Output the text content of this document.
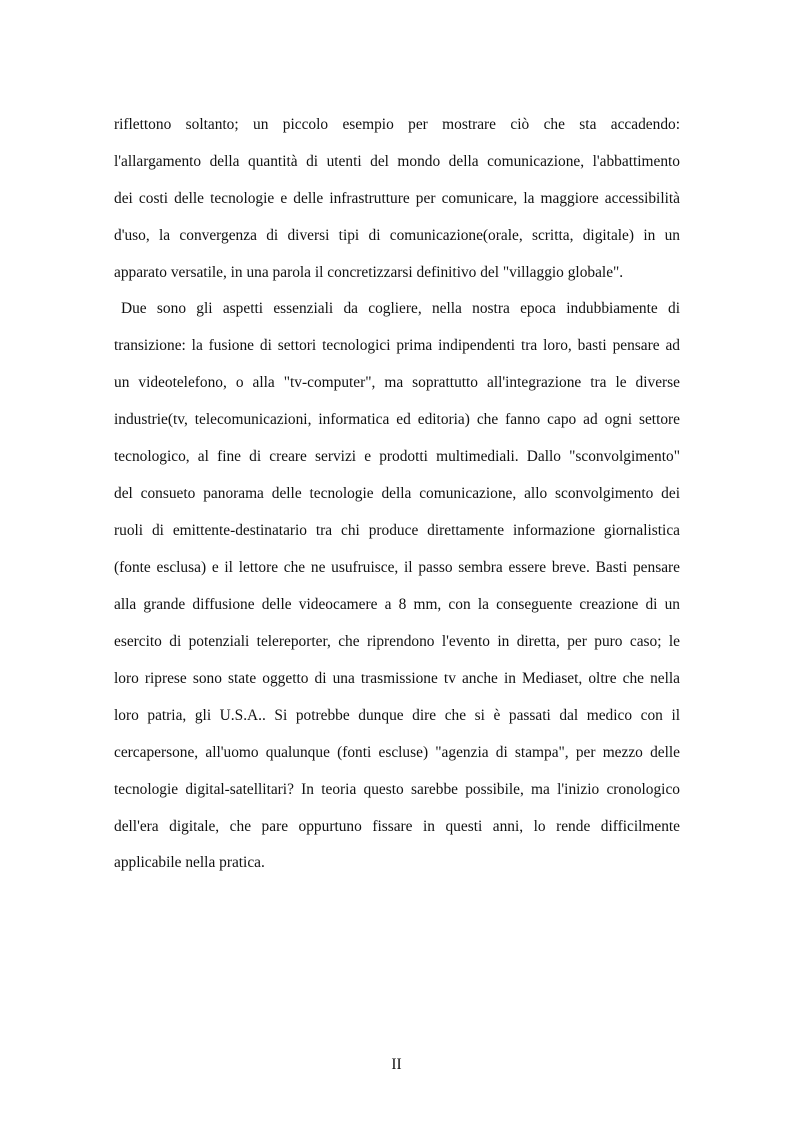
riflettono soltanto; un piccolo esempio per mostrare ciò che sta accadendo:
l'allargamento della quantità di utenti del mondo della comunicazione, l'abbattimento
dei costi delle tecnologie e delle infrastrutture per comunicare, la maggiore accessibilità
d'uso, la convergenza di diversi tipi di comunicazione(orale, scritta, digitale) in un
apparato versatile, in una parola il concretizzarsi definitivo del "villaggio globale".
Due sono gli aspetti essenziali da cogliere, nella nostra epoca indubbiamente di
transizione: la fusione di settori tecnologici prima indipendenti tra loro, basti pensare ad
un videotelefono, o alla "tv-computer", ma soprattutto all'integrazione tra le diverse
industrie(tv, telecomunicazioni, informatica ed editoria) che fanno capo ad ogni settore
tecnologico, al fine di creare servizi e prodotti multimediali. Dallo "sconvolgimento"
del consueto panorama delle tecnologie della comunicazione, allo sconvolgimento dei
ruoli di emittente-destinatario tra chi produce direttamente informazione giornalistica
(fonte esclusa) e il lettore che ne usufruisce, il passo sembra essere breve. Basti pensare
alla grande diffusione delle videocamere a 8 mm, con la conseguente creazione di un
esercito di potenziali telereporter, che riprendono l'evento in diretta, per puro caso; le
loro riprese sono state oggetto di una trasmissione tv anche in Mediaset, oltre che nella
loro patria, gli U.S.A.. Si potrebbe dunque dire che si è passati dal medico con il
cercapersone, all'uomo qualunque (fonti escluse) "agenzia di stampa", per mezzo delle
tecnologie digital-satellitari? In teoria questo sarebbe possibile, ma l'inizio cronologico
dell'era digitale, che pare oppurtuno fissare in questi anni, lo rende difficilmente
applicabile nella pratica.
II
